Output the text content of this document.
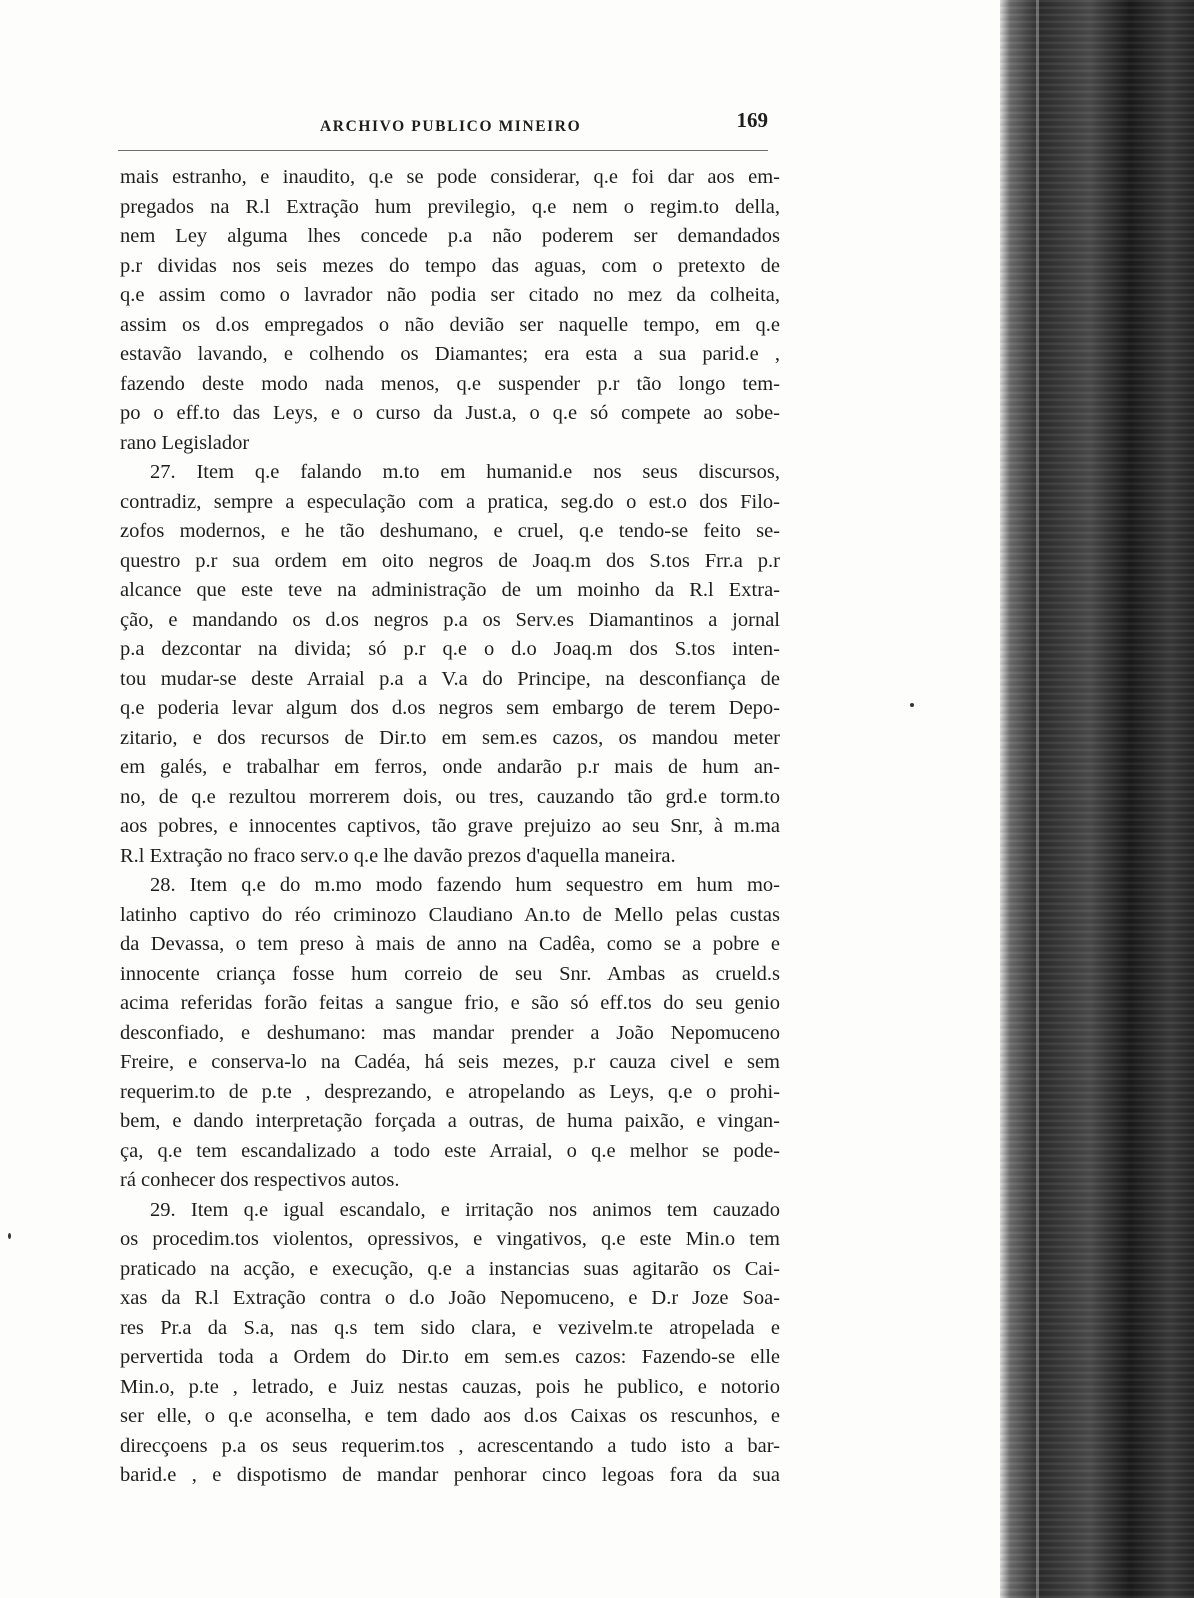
ARCHIVO PUBLICO MINEIRO	169
mais estranho, e inaudito, q.e se pode considerar, q.e foi dar aos em-
pregados na R.l Extração hum previlegio, q.e nem o regim.to della,
nem Ley alguma lhes concede p.a não poderem ser demandados
p.r dividas nos seis mezes do tempo das aguas, com o pretexto de
q.e assim como o lavrador não podia ser citado no mez da colheita,
assim os d.os empregados o não devião ser naquelle tempo, em q.e
estavão lavando, e colhendo os Diamantes; era esta a sua parid.e ,
fazendo deste modo nada menos, q.e suspender p.r tão longo tem-
po o eff.to das Leys, e o curso da Just.a, o q.e só compete ao sobe-
rano Legislador
27. Item q.e falando m.to em humanid.e nos seus discursos,
contradiz, sempre a especulação com a pratica, seg.do o est.o dos Filo-
zofos modernos, e he tão deshumano, e cruel, q.e tendo-se feito se-
questro p.r sua ordem em oito negros de Joaq.m dos S.tos Frr.a p.r
alcance que este teve na administração de um moinho da R.l Extra-
ção, e mandando os d.os negros p.a os Serv.es Diamantinos a jornal
p.a dezcontar na divida; só p.r q.e o d.o Joaq.m dos S.tos inten-
tou mudar-se deste Arraial p.a a V.a do Principe, na desconfiança de
q.e poderia levar algum dos d.os negros sem embargo de terem Depo-
zitario, e dos recursos de Dir.to em sem.es cazos, os mandou meter
em galés, e trabalhar em ferros, onde andarão p.r mais de hum an-
no, de q.e rezultou morrerem dois, ou tres, cauzando tão grd.e torm.to
aos pobres, e innocentes captivos, tão grave prejuizo ao seu Snr, à m.ma
R.l Extração no fraco serv.o q.e lhe davão prezos d'aquella maneira.
28. Item q.e do m.mo modo fazendo hum sequestro em hum mo-
latinho captivo do réo criminozo Claudiano An.to de Mello pelas custas
da Devassa, o tem preso à mais de anno na Cadêa, como se a pobre e
innocente criança fosse hum correio de seu Snr. Ambas as crueld.s
acima referidas forão feitas a sangue frio, e são só eff.tos do seu genio
desconfiado, e deshumano: mas mandar prender a João Nepomuceno
Freire, e conserva-lo na Cadéa, há seis mezes, p.r cauza civel e sem
requerim.to de p.te , desprezando, e atropelando as Leys, q.e o prohi-
bem, e dando interpretação forçada a outras, de huma paixão, e vingan-
ça, q.e tem escandalizado a todo este Arraial, o q.e melhor se pode-
rá conhecer dos respectivos autos.
29. Item q.e igual escandalo, e irritação nos animos tem cauzado
os procedim.tos violentos, opressivos, e vingativos, q.e este Min.o tem
praticado na acção, e execução, q.e a instancias suas agitarão os Cai-
xas da R.l Extração contra o d.o João Nepomuceno, e D.r Joze Soa-
res Pr.a da S.a, nas q.s tem sido clara, e vezivelm.te atropelada e
pervertida toda a Ordem do Dir.to em sem.es cazos: Fazendo-se elle
Min.o, p.te , letrado, e Juiz nestas cauzas, pois he publico, e notorio
ser elle, o q.e aconselha, e tem dado aos d.os Caixas os rescunhos, e
direcçoens p.a os seus requerim.tos , acrescentando a tudo isto a bar-
barid.e , e dispotismo de mandar penhorar cinco legoas fora da sua
